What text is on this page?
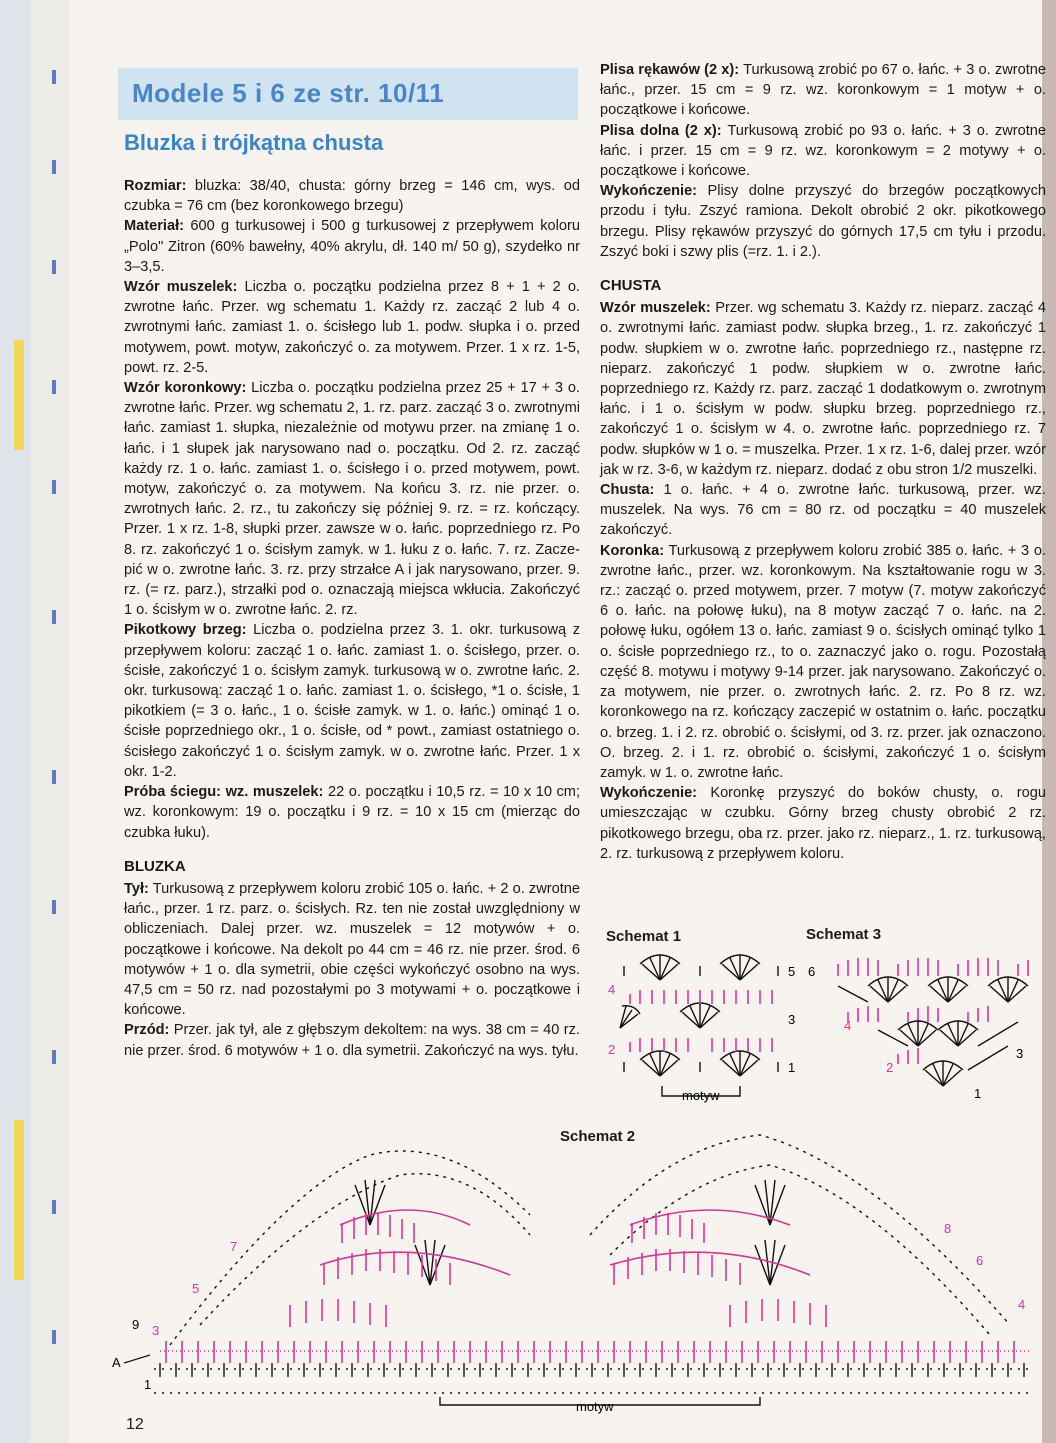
Modele 5 i 6 ze str. 10/11
Bluzka i trójkątna chusta

Rozmiar: bluzka: 38/40, chusta: górny brzeg = 146 cm, wys. od czubka = 76 cm (bez koronkowego brzegu)

Materiał: 600 g turkusowej i 500 g turkusowej z przepływem koloru „Polo" Zitron (60% bawełny, 40% akrylu, dł. 140 m/ 50 g), szydełko nr 3–3,5.

Wzór muszelek: Liczba o. początku podzielna przez 8 + 1 + 2 o. zwrotne łańc. Przer. wg schematu 1. Każdy rz. zacząć 2 lub 4 o. zwrotnymi łańc. zamiast 1. o. ścisłego lub 1. podw. słupka i o. przed motywem, powt. motyw, zakończyć o. za motywem. Przer. 1 x rz. 1-5, powt. rz. 2-5.

Wzór koronkowy: Liczba o. początku podzielna przez 25 + 17 + 3 o. zwrotne łańc. Przer. wg schematu 2, 1. rz. parz. zacząć 3 o. zwrotnymi łańc. zamiast 1. słupka, niezależnie od motywu przer. na zmianę 1 o. łańc. i 1 słupek jak narysowano nad o. początku. Od 2. rz. zacząć każdy rz. 1 o. łańc. zamiast 1. o. ścisłego i o. przed motywem, powt. motyw, zakończyć o. za motywem. Na końcu 3. rz. nie przer. o. zwrotnych łańc. 2. rz., tu zakończy się później 9. rz. = rz. kończący. Przer. 1 x rz. 1-8, słupki przer. zawsze w o. łańc. poprzedniego rz. Po 8. rz. zakończyć 1 o. ścisłym zamyk. w 1. łuku z o. łańc. 7. rz. Zaczepić w o. zwrotne łańc. 3. rz. przy strzałce A i jak narysowano, przer. 9. rz. (= rz. parz.), strzałki pod o. oznaczają miejsca wkłucia. Zakończyć 1 o. ścisłym w o. zwrotne łańc. 2. rz.

Pikotkowy brzeg: Liczba o. podzielna przez 3. 1. okr. turkusową z przepływem koloru: zacząć 1 o. łańc. zamiast 1. o. ścisłego, przer. o. ścisłe, zakończyć 1 o. ścisłym zamyk. turkusową w o. zwrotne łańc. 2. okr. turkusową: zacząć 1 o. łańc. zamiast 1. o. ścisłego, *1 o. ścisłe, 1 pikotkiem (= 3 o. łańc., 1 o. ścisłe zamyk. w 1. o. łańc.) ominąć 1 o. ścisłe poprzedniego okr., 1 o. ścisłe, od * powt., zamiast ostatniego o. ścisłego zakończyć 1 o. ścisłym zamyk. w o. zwrotne łańc. Przer. 1 x okr. 1-2.

Próba ściegu: wz. muszelek: 22 o. początku i 10,5 rz. = 10 x 10 cm; wz. koronkowym: 19 o. początku i 9 rz. = 10 x 15 cm (mierząc do czubka łuku).

BLUZKA

Tył: Turkusową z przepływem koloru zrobić 105 o. łańc. + 2 o. zwrotne łańc., przer. 1 rz. parz. o. ścisłych. Rz. ten nie został uwzględniony w obliczeniach. Dalej przer. wz. muszelek = 12 motywów + o. początkowe i końcowe. Na dekolt po 44 cm = 46 rz. nie przer. środ. 6 motywów + 1 o. dla symetrii, obie części wykończyć osobno na wys. 47,5 cm = 50 rz. nad pozostałymi po 3 motywami + o. początkowe i końcowe.

Przód: Przer. jak tył, ale z głębszym dekoltem: na wys. 38 cm = 40 rz. nie przer. środ. 6 motywów + 1 o. dla symetrii. Zakończyć na wys. tyłu.

Plisa rękawów (2 x): Turkusową zrobić po 67 o. łańc. + 3 o. zwrotne łańc., przer. 15 cm = 9 rz. wz. koronkowym = 1 motyw + o. początkowe i końcowe.

Plisa dolna (2 x): Turkusową zrobić po 93 o. łańc. + 3 o. zwrotne łańc. i przer. 15 cm = 9 rz. wz. koronkowym = 2 motywy + o. początkowe i końcowe.

Wykończenie: Plisy dolne przyszyć do brzegów początkowych przodu i tyłu. Zszyć ramiona. Dekolt obrobić 2 okr. pikotkowego brzegu. Plisy rękawów przyszyć do górnych 17,5 cm tyłu i przodu. Zszyć boki i szwy plis (=rz. 1. i 2.).

CHUSTA

Wzór muszelek: Przer. wg schematu 3. Każdy rz. nieparz. zacząć 4 o. zwrotnymi łańc. zamiast podw. słupka brzeg., 1. rz. zakończyć 1 podw. słupkiem w o. zwrotne łańc. poprzedniego rz., następne rz. nieparz. zakończyć 1 podw. słupkiem w o. zwrotne łańc. poprzedniego rz. Każdy rz. parz. zacząć 1 dodatkowym o. zwrotnym łańc. i 1 o. ścisłym w podw. słupku brzeg. poprzedniego rz., zakończyć 1 o. ścisłym w 4. o. zwrotne łańc. poprzedniego rz. 7 podw. słupków w 1 o. = muszelka. Przer. 1 x rz. 1-6, dalej przer. wzór jak w rz. 3-6, w każdym rz. nieparz. dodać z obu stron 1/2 muszelki.

Chusta: 1 o. łańc. + 4 o. zwrotne łańc. turkusową, przer. wz. muszelek. Na wys. 76 cm = 80 rz. od początku = 40 muszelek zakończyć.

Koronka: Turkusową z przepływem koloru zrobić 385 o. łańc. + 3 o. zwrotne łańc., przer. wz. koronkowym. Na kształtowanie rogu w 3. rz.: zacząć o. przed motywem, przer. 7 motyw (7. motyw zakończyć 6 o. łańc. na połowę łuku), na 8 motyw zacząć 7 o. łańc. na 2. połowę łuku, ogółem 13 o. łańc. zamiast 9 o. ścisłych ominąć tylko 1 o. ścisłe poprzedniego rz., to o. zaznaczyć jako o. rogu. Pozostałą część 8. motywu i motywy 9-14 przer. jak narysowano. Zakończyć o. za motywem, nie przer. o. zwrotnych łańc. 2. rz. Po 8 rz. wz. koronkowego na rz. kończący zaczepić w ostatnim o. łańc. początku o. brzeg. 1. i 2. rz. obrobić o. ścisłymi, od 3. rz. przer. jak oznaczono. O. brzeg. 2. i 1. rz. obrobić o. ścisłymi, zakończyć 1 o. ścisłym zamyk. w 1. o. zwrotne łańc.

Wykończenie: Koronkę przyszyć do boków chusty, o. rogu umieszczając w czubku. Górny brzeg chusty obrobić 2 rz. pikotkowego brzegu, oba rz. przer. jako rz. nieparz., 1. rz. turkusową, 2. rz. turkusową z przepływem koloru.

Schemat 1
5
4
3
2
1
motyw
Schemat 3
6
4
3
2
1
Schemat 2
1
3
9
5
7
8
6
4
A
motyw
12
